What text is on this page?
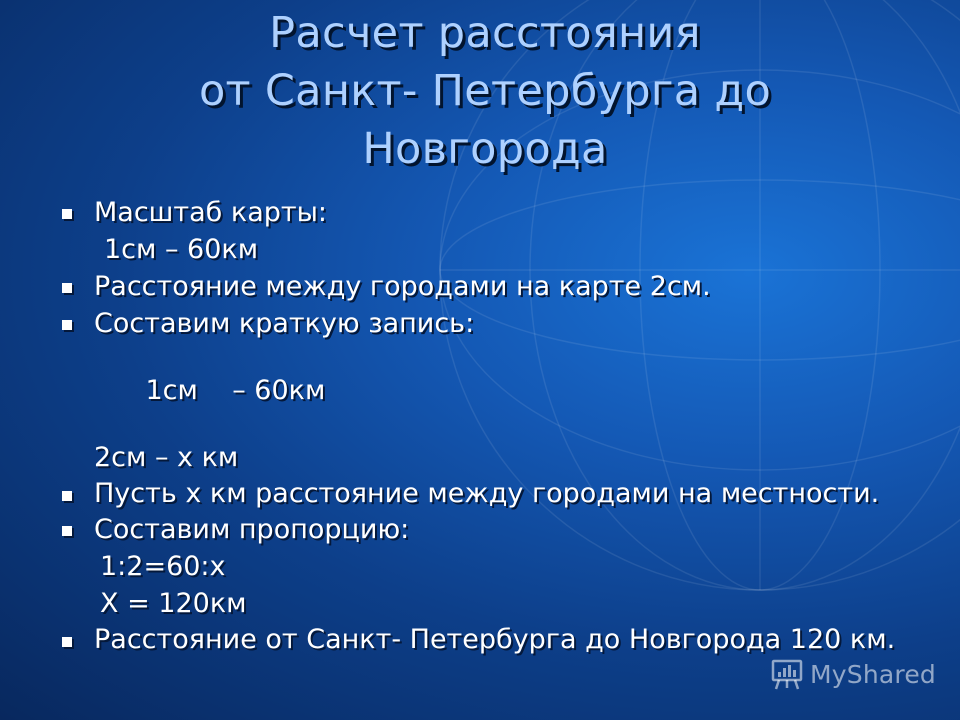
Расчет расстояния
от Санкт- Петербурга до
Новгорода
Масштаб карты:
1см – 60км
Расстояние между городами на карте 2см.
Составим краткую запись:

1см    – 60км

2см – х км
Пусть х км расстояние между городами на местности.
Составим пропорцию:
1:2=60:х
Х = 120км
Расстояние от Санкт- Петербурга до Новгорода 120 км.
MyShared
